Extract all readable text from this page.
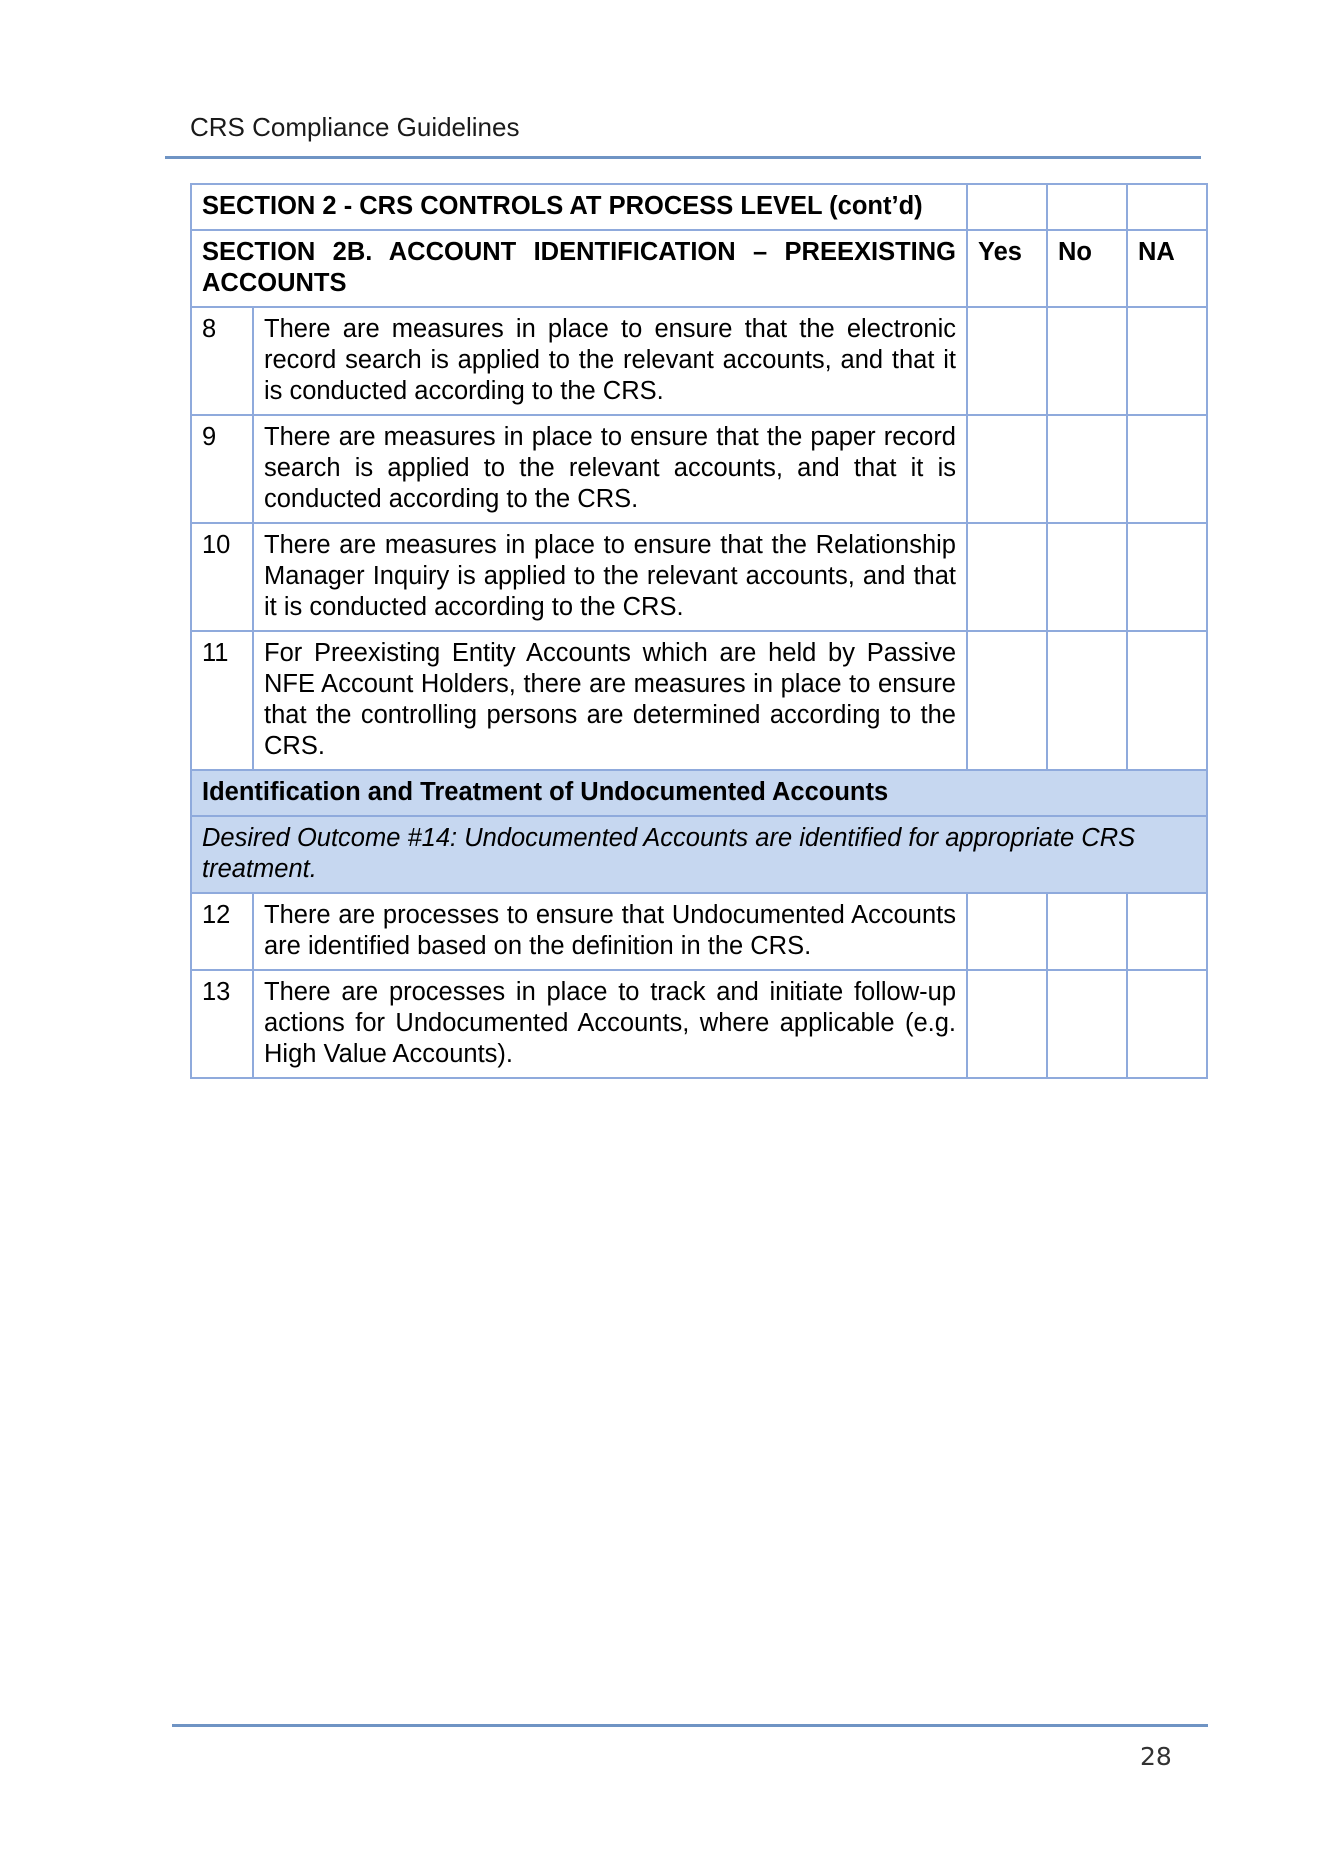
CRS Compliance Guidelines
SECTION 2 - CRS CONTROLS AT PROCESS LEVEL (cont’d)				
SECTION 2B. ACCOUNT IDENTIFICATION – PREEXISTING ACCOUNTS		Yes	No	NA
8	There are measures in place to ensure that the electronic record search is applied to the relevant accounts, and that it is conducted according to the CRS.			
9	There are measures in place to ensure that the paper record search is applied to the relevant accounts, and that it is conducted according to the CRS.			
10	There are measures in place to ensure that the Relationship Manager Inquiry is applied to the relevant accounts, and that it is conducted according to the CRS.			
11	For Preexisting Entity Accounts which are held by Passive NFE Account Holders, there are measures in place to ensure that the controlling persons are determined according to the CRS.			
Identification and Treatment of Undocumented Accounts				
Desired Outcome #14: Undocumented Accounts are identified for appropriate CRS treatment.				
12	There are processes to ensure that Undocumented Accounts are identified based on the definition in the CRS.			
13	There are processes in place to track and initiate follow-up actions for Undocumented Accounts, where applicable (e.g. High Value Accounts).			
28
